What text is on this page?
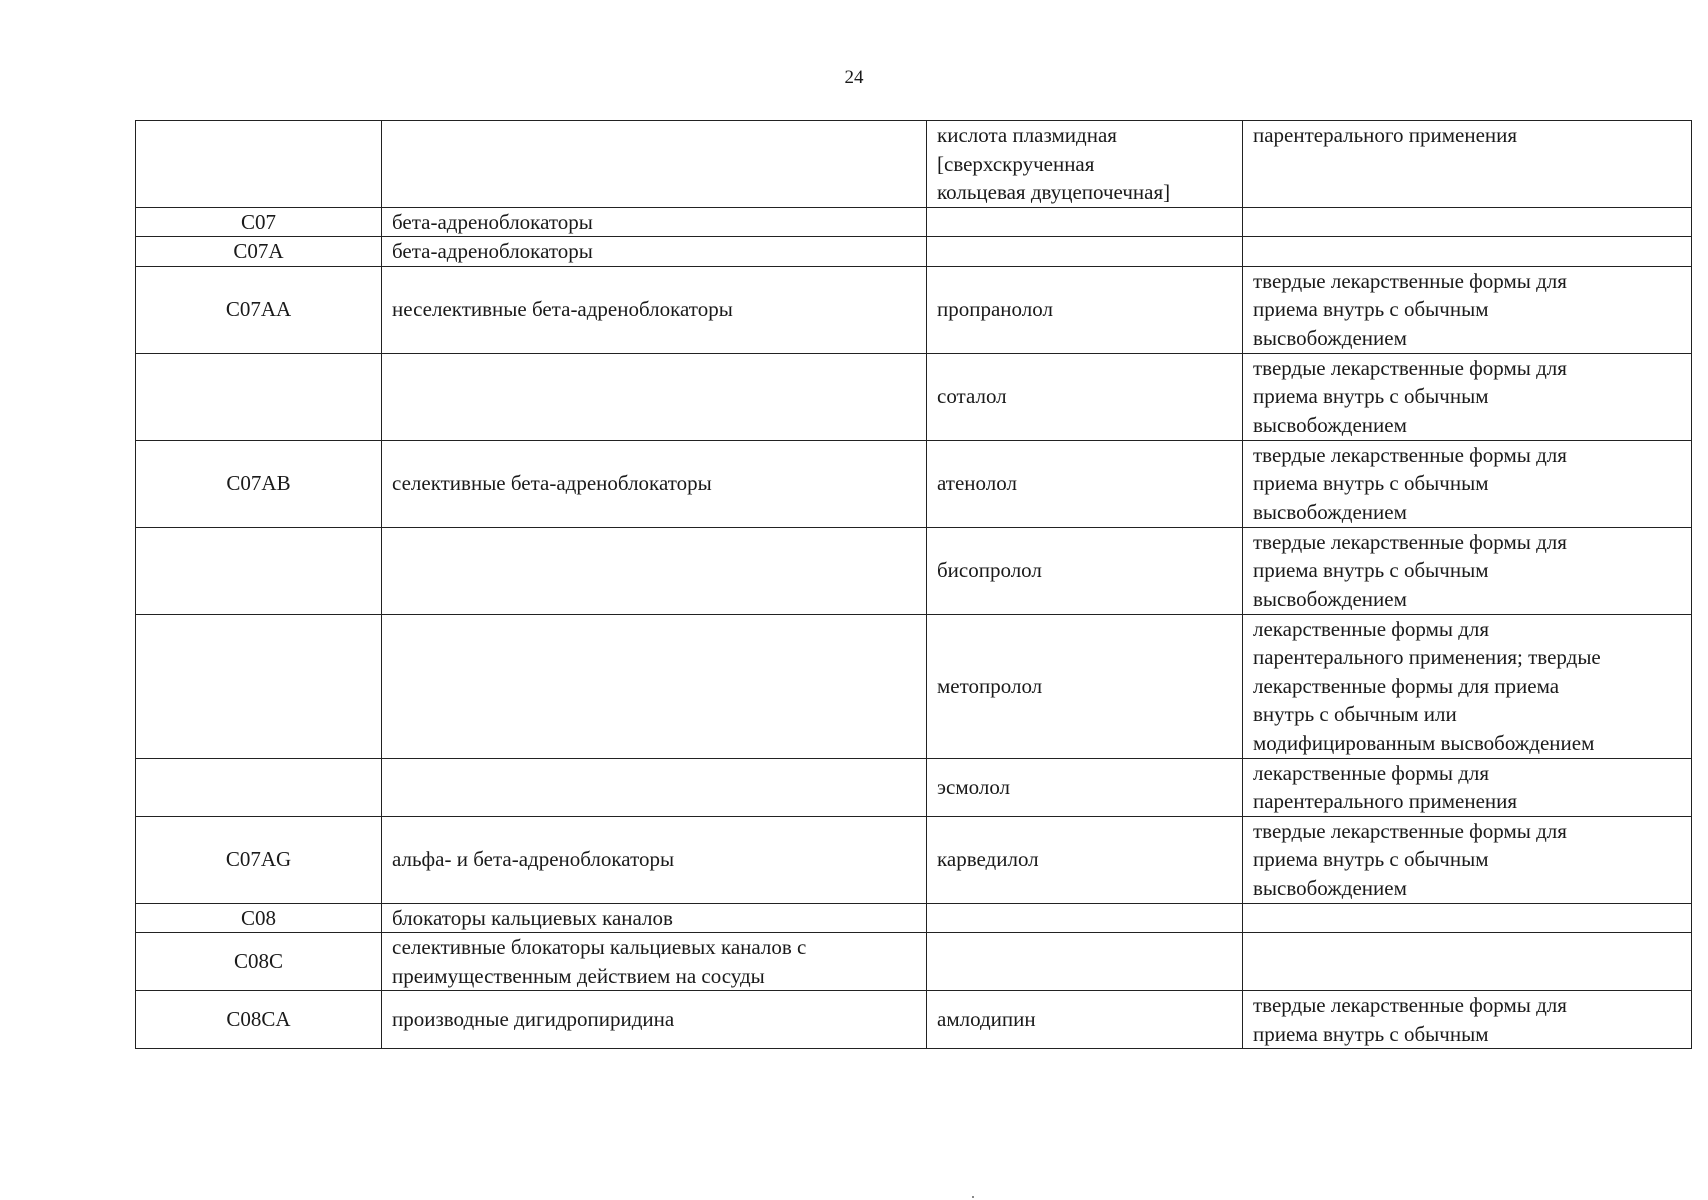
24

		кислота плазмидная
[сверхскрученная
кольцевая двуцепочечная]	парентерального применения

C07	бета-адреноблокаторы		

C07A	бета-адреноблокаторы		

C07AA	неселективные бета-адреноблокаторы	пропранолол	твердые лекарственные формы для
приема внутрь с обычным
высвобождением

		соталол	твердые лекарственные формы для
приема внутрь с обычным
высвобождением

C07AB	селективные бета-адреноблокаторы	атенолол	твердые лекарственные формы для
приема внутрь с обычным
высвобождением

		бисопролол	твердые лекарственные формы для
приема внутрь с обычным
высвобождением

		метопролол	лекарственные формы для
парентерального применения; твердые
лекарственные формы для приема
внутрь с обычным или
модифицированным высвобождением

		эсмолол	лекарственные формы для
парентерального применения

C07AG	альфа- и бета-адреноблокаторы	карведилол	твердые лекарственные формы для
приема внутрь с обычным
высвобождением

C08	блокаторы кальциевых каналов		

C08C	селективные блокаторы кальциевых каналов с
преимущественным действием на сосуды		

C08CA	производные дигидропиридина	амлодипин	твердые лекарственные формы для
приема внутрь с обычным
